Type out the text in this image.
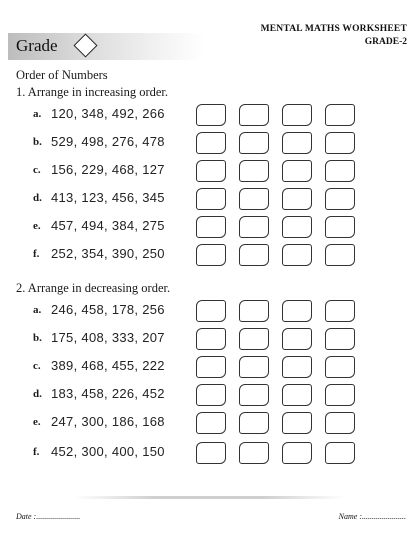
Grade
MENTAL MATHS WORKSHEET
GRADE-2
Order of Numbers
1. Arrange in increasing order.
a. 120, 348, 492, 266
b. 529, 498, 276, 478
c. 156, 229, 468, 127
d. 413, 123, 456, 345
e. 457, 494, 384, 275
f. 252, 354, 390, 250
2. Arrange in decreasing order.
a. 246, 458, 178, 256
b. 175, 408, 333, 207
c. 389, 468, 455, 222
d. 183, 458, 226, 452
e. 247, 300, 186, 168
f. 452, 300, 400, 150
Date :......................	Name :......................
